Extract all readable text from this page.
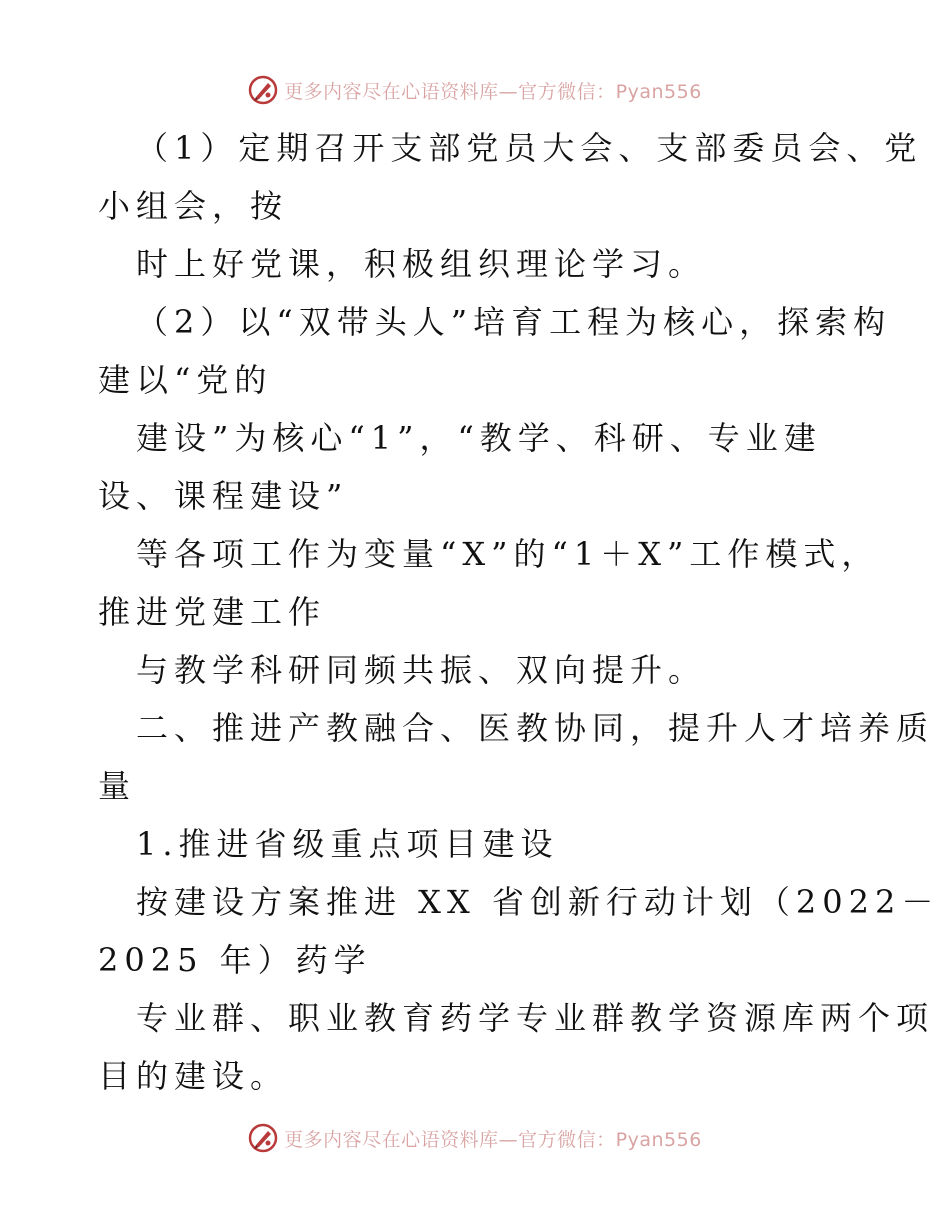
更多内容尽在心语资料库—官方微信：Pyan556
（1）定期召开支部党员大会、支部委员会、党
小组会，按
时上好党课，积极组织理论学习。
（2）以“双带头人”培育工程为核心，探索构
建以“党的
建设”为核心“1”，“教学、科研、专业建
设、课程建设”
等各项工作为变量“X”的“1＋X”工作模式，
推进党建工作
与教学科研同频共振、双向提升。
二、推进产教融合、医教协同，提升人才培养质
量
1.推进省级重点项目建设
按建设方案推进 XX 省创新行动计划（2022－
2025 年）药学
专业群、职业教育药学专业群教学资源库两个项
目的建设。
更多内容尽在心语资料库—官方微信：Pyan556
